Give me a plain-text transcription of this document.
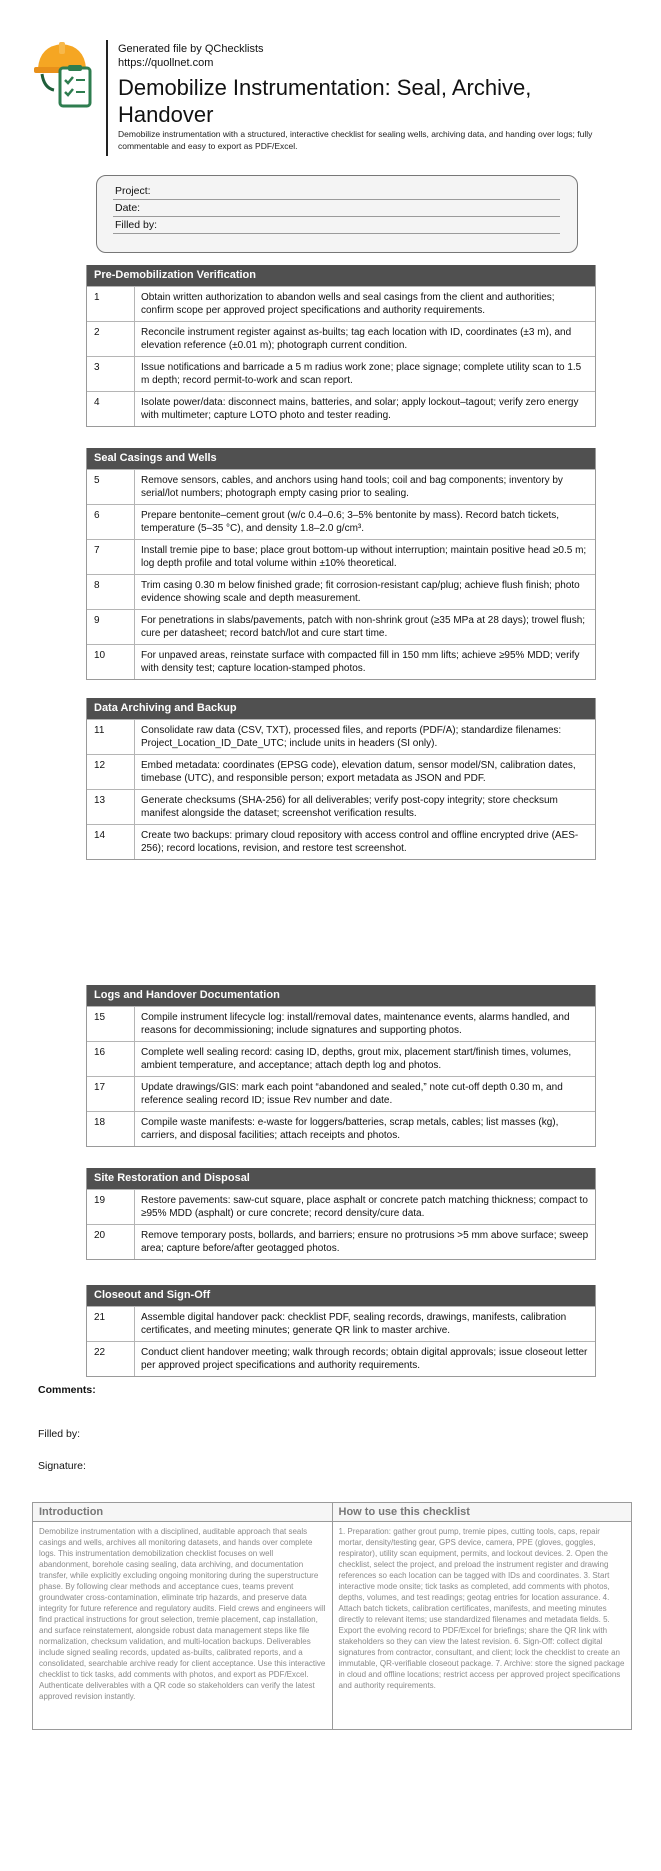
Generated file by QChecklists
https://quollnet.com
Demobilize Instrumentation: Seal, Archive, Handover
Demobilize instrumentation with a structured, interactive checklist for sealing wells, archiving data, and handing over logs; fully commentable and easy to export as PDF/Excel.
Project:
Date:
Filled by:
Pre-Demobilization Verification
1	Obtain written authorization to abandon wells and seal casings from the client and authorities; confirm scope per approved project specifications and authority requirements.
2	Reconcile instrument register against as-builts; tag each location with ID, coordinates (±3 m), and elevation reference (±0.01 m); photograph current condition.
3	Issue notifications and barricade a 5 m radius work zone; place signage; complete utility scan to 1.5 m depth; record permit-to-work and scan report.
4	Isolate power/data: disconnect mains, batteries, and solar; apply lockout–tagout; verify zero energy with multimeter; capture LOTO photo and tester reading.
Seal Casings and Wells
5	Remove sensors, cables, and anchors using hand tools; coil and bag components; inventory by serial/lot numbers; photograph empty casing prior to sealing.
6	Prepare bentonite–cement grout (w/c 0.4–0.6; 3–5% bentonite by mass). Record batch tickets, temperature (5–35 °C), and density 1.8–2.0 g/cm³.
7	Install tremie pipe to base; place grout bottom-up without interruption; maintain positive head ≥0.5 m; log depth profile and total volume within ±10% theoretical.
8	Trim casing 0.30 m below finished grade; fit corrosion-resistant cap/plug; achieve flush finish; photo evidence showing scale and depth measurement.
9	For penetrations in slabs/pavements, patch with non-shrink grout (≥35 MPa at 28 days); trowel flush; cure per datasheet; record batch/lot and cure start time.
10	For unpaved areas, reinstate surface with compacted fill in 150 mm lifts; achieve ≥95% MDD; verify with density test; capture location-stamped photos.
Data Archiving and Backup
11	Consolidate raw data (CSV, TXT), processed files, and reports (PDF/A); standardize filenames: Project_Location_ID_Date_UTC; include units in headers (SI only).
12	Embed metadata: coordinates (EPSG code), elevation datum, sensor model/SN, calibration dates, timebase (UTC), and responsible person; export metadata as JSON and PDF.
13	Generate checksums (SHA-256) for all deliverables; verify post-copy integrity; store checksum manifest alongside the dataset; screenshot verification results.
14	Create two backups: primary cloud repository with access control and offline encrypted drive (AES-256); record locations, revision, and restore test screenshot.
Logs and Handover Documentation
15	Compile instrument lifecycle log: install/removal dates, maintenance events, alarms handled, and reasons for decommissioning; include signatures and supporting photos.
16	Complete well sealing record: casing ID, depths, grout mix, placement start/finish times, volumes, ambient temperature, and acceptance; attach depth log and photos.
17	Update drawings/GIS: mark each point “abandoned and sealed,” note cut-off depth 0.30 m, and reference sealing record ID; issue Rev number and date.
18	Compile waste manifests: e-waste for loggers/batteries, scrap metals, cables; list masses (kg), carriers, and disposal facilities; attach receipts and photos.
Site Restoration and Disposal
19	Restore pavements: saw-cut square, place asphalt or concrete patch matching thickness; compact to ≥95% MDD (asphalt) or cure concrete; record density/cure data.
20	Remove temporary posts, bollards, and barriers; ensure no protrusions >5 mm above surface; sweep area; capture before/after geotagged photos.
Closeout and Sign-Off
21	Assemble digital handover pack: checklist PDF, sealing records, drawings, manifests, calibration certificates, and meeting minutes; generate QR link to master archive.
22	Conduct client handover meeting; walk through records; obtain digital approvals; issue closeout letter per approved project specifications and authority requirements.
Comments:
Filled by:
Signature:
Introduction
Demobilize instrumentation with a disciplined, auditable approach that seals casings and wells, archives all monitoring datasets, and hands over complete logs. This instrumentation demobilization checklist focuses on well abandonment, borehole casing sealing, data archiving, and documentation transfer, while explicitly excluding ongoing monitoring during the superstructure phase. By following clear methods and acceptance cues, teams prevent groundwater cross-contamination, eliminate trip hazards, and preserve data integrity for future reference and regulatory audits. Field crews and engineers will find practical instructions for grout selection, tremie placement, cap installation, and surface reinstatement, alongside robust data management steps like file normalization, checksum validation, and multi-location backups. Deliverables include signed sealing records, updated as-builts, calibrated reports, and a consolidated, searchable archive ready for client acceptance. Use this interactive checklist to tick tasks, add comments with photos, and export as PDF/Excel. Authenticate deliverables with a QR code so stakeholders can verify the latest approved revision instantly.
How to use this checklist
1. Preparation: gather grout pump, tremie pipes, cutting tools, caps, repair mortar, density/testing gear, GPS device, camera, PPE (gloves, goggles, respirator), utility scan equipment, permits, and lockout devices. 2. Open the checklist, select the project, and preload the instrument register and drawing references so each location can be tagged with IDs and coordinates. 3. Start interactive mode onsite; tick tasks as completed, add comments with photos, depths, volumes, and test readings; geotag entries for location assurance. 4. Attach batch tickets, calibration certificates, manifests, and meeting minutes directly to relevant items; use standardized filenames and metadata fields. 5. Export the evolving record to PDF/Excel for briefings; share the QR link with stakeholders so they can view the latest revision. 6. Sign-Off: collect digital signatures from contractor, consultant, and client; lock the checklist to create an immutable, QR-verifiable closeout package. 7. Archive: store the signed package in cloud and offline locations; restrict access per approved project specifications and authority requirements.
